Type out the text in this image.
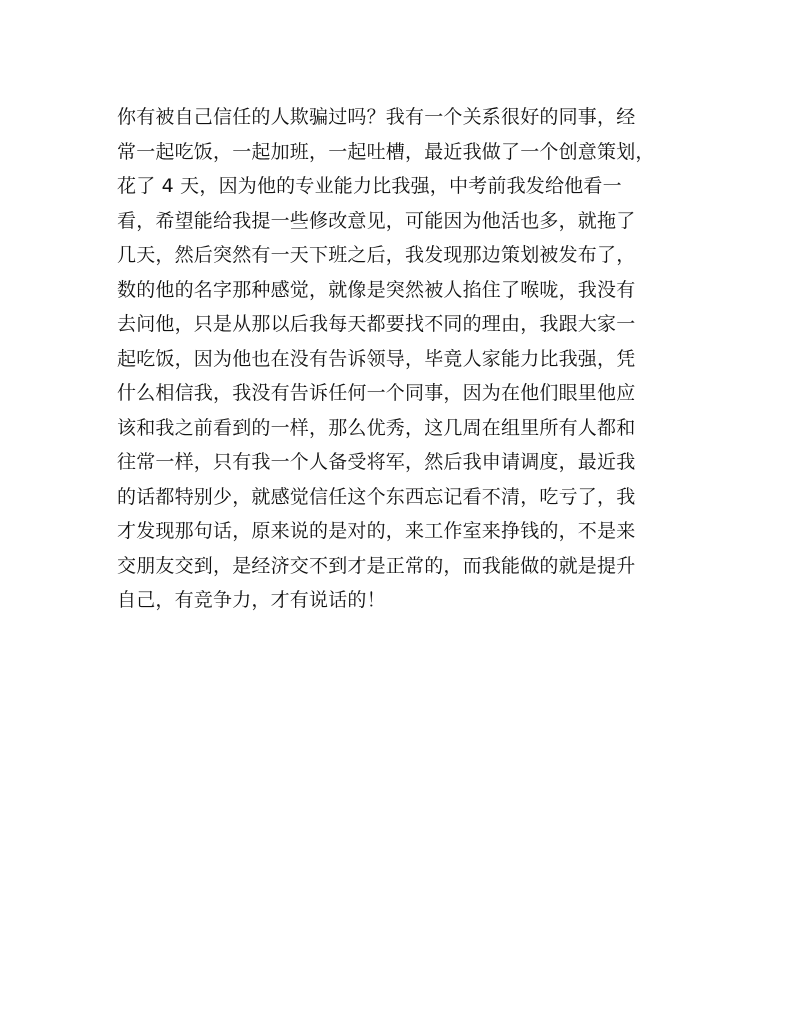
你有被自己信任的人欺骗过吗？我有一个关系很好的同事，经
常一起吃饭，一起加班，一起吐槽，最近我做了一个创意策划，
花了 4 天，因为他的专业能力比我强，中考前我发给他看一
看，希望能给我提一些修改意见，可能因为他活也多，就拖了
几天，然后突然有一天下班之后，我发现那边策划被发布了，
数的他的名字那种感觉，就像是突然被人掐住了喉咙，我没有
去问他，只是从那以后我每天都要找不同的理由，我跟大家一
起吃饭，因为他也在没有告诉领导，毕竟人家能力比我强，凭
什么相信我，我没有告诉任何一个同事，因为在他们眼里他应
该和我之前看到的一样，那么优秀，这几周在组里所有人都和
往常一样，只有我一个人备受将军，然后我申请调度，最近我
的话都特别少，就感觉信任这个东西忘记看不清，吃亏了，我
才发现那句话，原来说的是对的，来工作室来挣钱的，不是来
交朋友交到，是经济交不到才是正常的，而我能做的就是提升
自己，有竞争力，才有说话的！
